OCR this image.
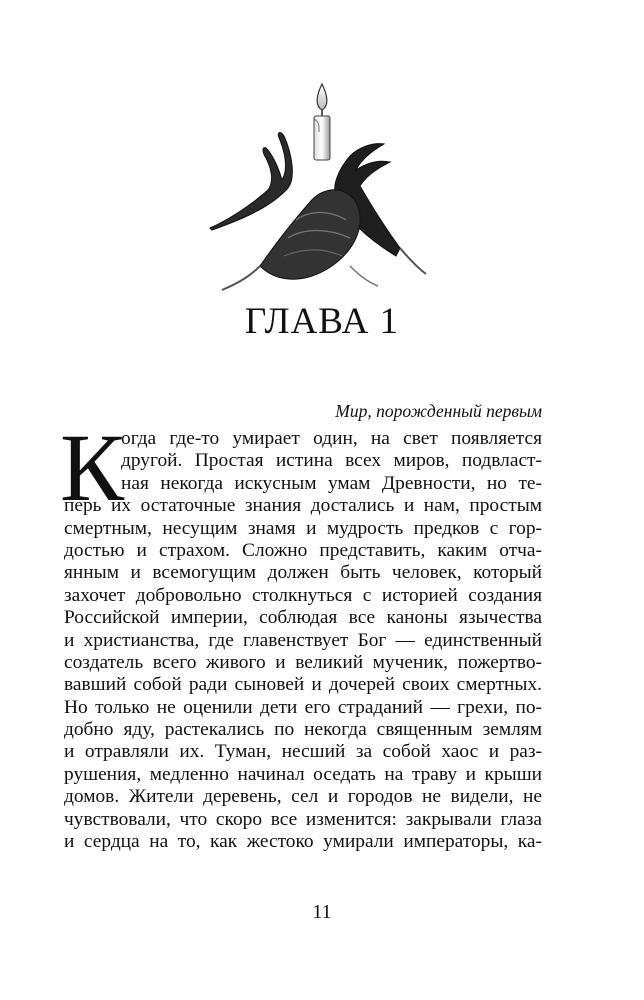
ГЛАВА 1
Мир, порожденный первым
К
огда где-то умирает один, на свет появляется
другой. Простая истина всех миров, подвласт-
ная некогда искусным умам Древности, но те-
перь их остаточные знания достались и нам, простым
смертным, несущим знамя и мудрость предков с гор-
достью и страхом. Сложно представить, каким отча-
янным и всемогущим должен быть человек, который
захочет добровольно столкнуться с историей создания
Российской империи, соблюдая все каноны язычества
и христианства, где главенствует Бог — единственный
создатель всего живого и великий мученик, пожертво-
вавший собой ради сыновей и дочерей своих смертных.
Но только не оценили дети его страданий — грехи, по-
добно яду, растекались по некогда священным землям
и отравляли их. Туман, несший за собой хаос и раз-
рушения, медленно начинал оседать на траву и крыши
домов. Жители деревень, сел и городов не видели, не
чувствовали, что скоро все изменится: закрывали глаза
и сердца на то, как жестоко умирали императоры, ка-
11
